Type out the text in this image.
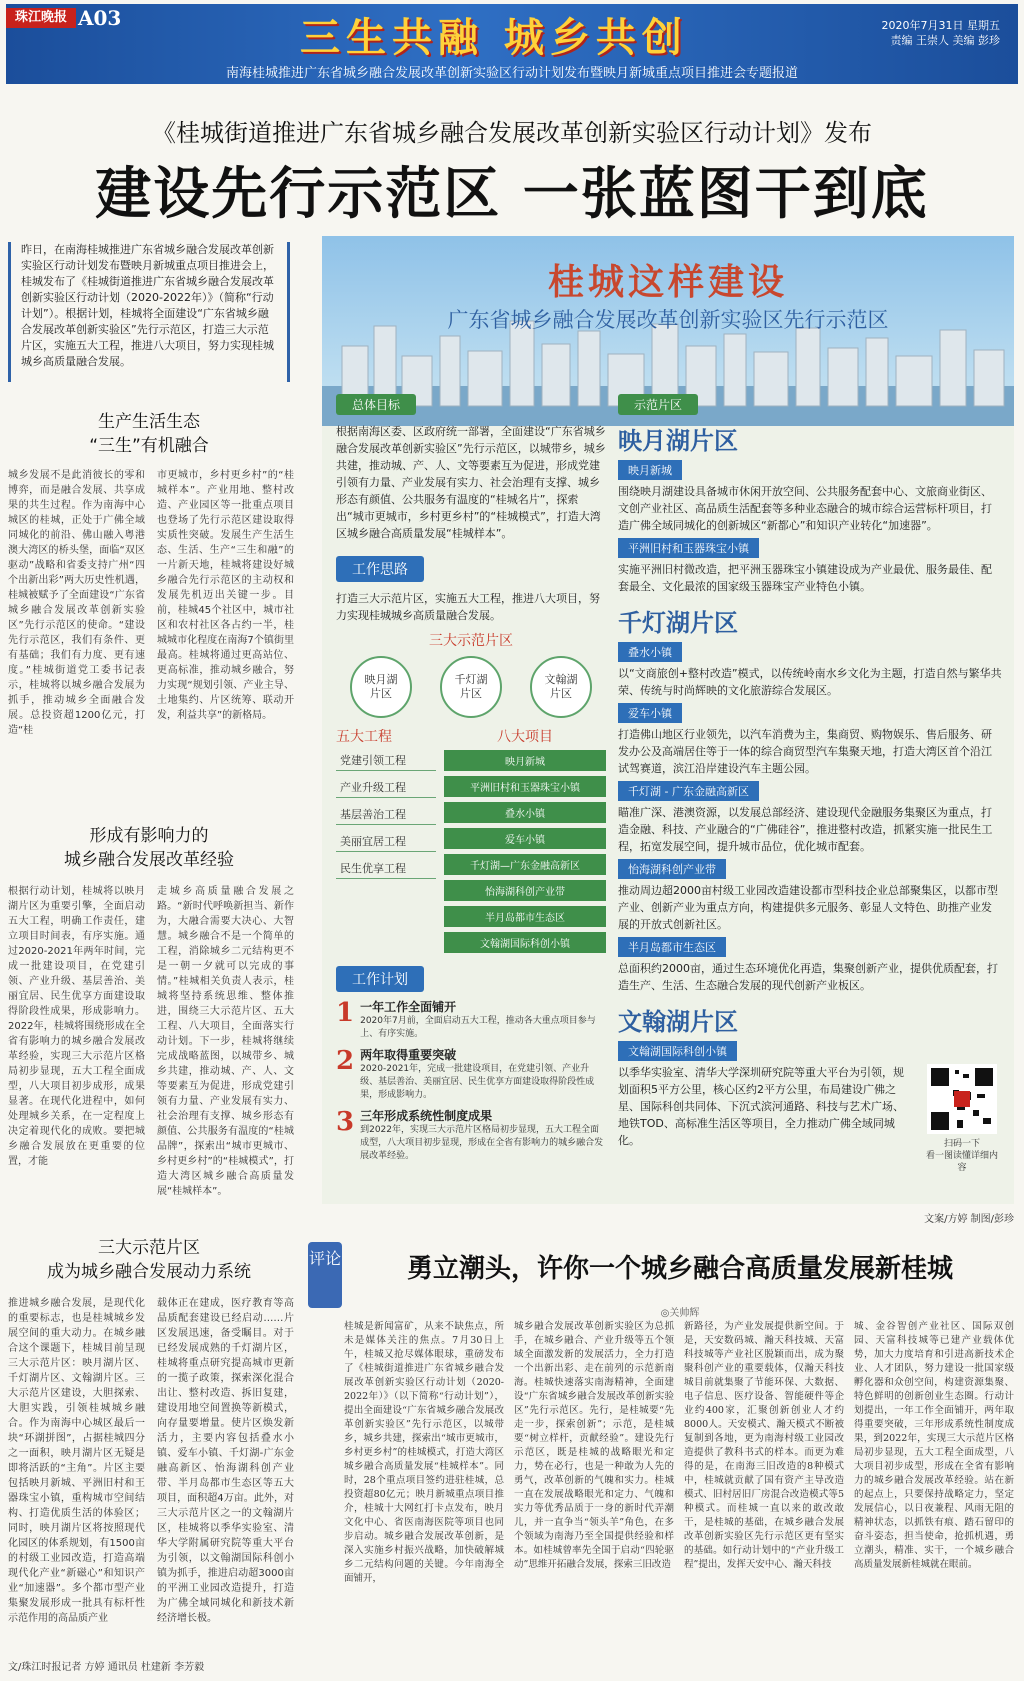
珠江晚报 A03	三生共融 城乡共创	2020年7月31日 星期五
责编 王崇人 美编 彭珍
南海桂城推进广东省城乡融合发展改革创新实验区行动计划发布暨映月新城重点项目推进会专题报道
《桂城街道推进广东省城乡融合发展改革创新实验区行动计划》发布
建设先行示范区 一张蓝图干到底
昨日，在南海桂城推进广东省城乡融合发展改革创新实验区行动计划发布暨映月新城重点项目推进会上，桂城发布了《桂城街道推进广东省城乡融合发展改革创新实验区行动计划（2020-2022年）》（简称“行动计划”）。根据计划，桂城将全面建设“广东省城乡融合发展改革创新实验区”先行示范区，打造三大示范片区，实施五大工程，推进八大项目，努力实现桂城城乡高质量融合发展。
生产生活生态
“三生”有机融合
城乡发展不是此消彼长的零和博弈，而是融合发展、共享成果的共生过程。作为南海中心城区的桂城，正处于广佛全域同城化的前沿、佛山融入粤港澳大湾区的桥头堡，面临“双区驱动”战略和省委支持广州“四个出新出彩”两大历史性机遇，桂城被赋予了全面建设“广东省城乡融合发展改革创新实验区”先行示范区的使命。“建设先行示范区，我们有条件、更有基础；我们有力度、更有速度。”桂城街道党工委书记表示，桂城将以城乡融合发展为抓手，推动城乡全面融合发展。总投资超1200亿元，打造“桂
市更城市，乡村更乡村”的“桂城样本”。产业用地、整村改造、产业园区等一批重点项目也登场了先行示范区建设取得实质性突破。发展生产生活生态、生活、生产“三生和融”的一片新天地，桂城将建设好城乡融合先行示范区的主动权和发展先机迈出关键一步。目前，桂城45个社区中，城市社区和农村社区各占约一半，桂城城市化程度在南海7个镇街里最高。桂城将通过更高站位、更高标准，推动城乡融合，努力实现“规划引领、产业主导、土地集约、片区统筹、联动开发，利益共享”的新格局。
形成有影响力的
城乡融合发展改革经验
根据行动计划，桂城将以映月湖片区为重要引擎，全面启动五大工程，明确工作责任，建立项目时间表，有序实施。通过2020-2021年两年时间，完成一批建设项目，在党建引领、产业升级、基层善治、美丽宜居、民生优享方面建设取得阶段性成果，形成影响力。2022年，桂城将围绕形成在全省有影响力的城乡融合发展改革经验，实现三大示范片区格局初步显现，五大工程全面成型，八大项目初步成形，成果显著。在现代化进程中，如何处理城乡关系，在一定程度上决定着现代化的成败。要把城乡融合发展放在更重要的位置，才能
走城乡高质量融合发展之路。“新时代呼唤新担当、新作为，大融合需要大决心、大智慧。城乡融合不是一个简单的工程，消除城乡二元结构更不是一朝一夕就可以完成的事情。”桂城相关负责人表示，桂城将坚持系统思维、整体推进，围绕三大示范片区、五大工程、八大项目，全面落实行动计划。下一步，桂城将继续完成战略蓝图，以城带乡、城乡共建，推动城、产、人、文等要素互为促进，形成党建引领有力量、产业发展有实力、社会治理有支撑、城乡形态有颜值、公共服务有温度的“桂城品牌”，探索出“城市更城市、乡村更乡村”的“桂城模式”，打造大湾区城乡融合高质量发展“桂城样本”。
三大示范片区
成为城乡融合发展动力系统
推进城乡融合发展，是现代化的重要标志，也是桂城城乡发展空间的重大动力。在城乡融合这个课题下，桂城目前呈现三大示范片区：映月湖片区、千灯湖片区、文翰湖片区。三大示范片区建设，大胆探索、大胆实践，引领桂城城乡融合。作为南海中心城区最后一块“环湖拼图”，占据桂城四分之一面积，映月湖片区无疑是即将活跃的“主角”。片区主要包括映月新城、平洲旧村和王器珠宝小镇，重构城市空间结构、打造优质生活的体验区；同时，映月湖片区将按照现代化园区的体系规划，有1500亩的村级工业园改造，打造高端现代化产业“新磁心”和知识产业“加速器”。多个都市型产业集聚发展形成一批具有标杆性示范作用的高品质产业
载体正在建成，医疗教育等高品质配套建设已经启动……片区发展迅速，备受瞩目。对于已经发展成熟的千灯湖片区，桂城将重点研究提高城市更新的一揽子政策，探索深化混合出让、整村改造、拆旧复建，建设用地空间置换等新模式，向存量要增量。使片区焕发新活力，主要内容包括叠水小镇、爱车小镇、千灯湖-广东金融高新区、怡海湖科创产业带、半月岛都市生态区等五大项目，面积超4万亩。此外，对三大示范片区之一的文翰湖片区，桂城将以季华实验室、清华大学附属研究院等重大平台为引领，以文翰湖国际科创小镇为抓手，推进启动超3000亩的平洲工业园改造提升，打造为广佛全域同城化和新技术新经济增长极。
文/珠江时报记者 方婷 通讯员 杜建新 李芳毅
桂城这样建设
广东省城乡融合发展改革创新实验区先行示范区
总体目标
根据南海区委、区政府统一部署，全面建设“广东省城乡融合发展改革创新实验区”先行示范区，以城带乡，城乡共建，推动城、产、人、文等要素互为促进，形成党建引领有力量、产业发展有实力、社会治理有支撑、城乡形态有颜值、公共服务有温度的“桂城名片”，探索出“城市更城市，乡村更乡村”的“桂城模式”，打造大湾区城乡融合高质量发展“桂城样本”。
工作思路
打造三大示范片区，实施五大工程，推进八大项目，努力实现桂城城乡高质量融合发展。
三大示范片区
映月湖
片区
千灯湖
片区
文翰湖
片区
五大工程
党建引领工程
产业升级工程
基层善治工程
美丽宜居工程
民生优享工程
八大项目
映月新城
平洲旧村和玉器珠宝小镇
叠水小镇
爱车小镇
千灯湖—广东金融高新区
怡海湖科创产业带
半月岛都市生态区
文翰湖国际科创小镇
工作计划
1 一年工作全面铺开
2020年7月前，全面启动五大工程，推动各大重点项目参与上、有序实施。
2 两年取得重要突破
2020-2021年，完成一批建设项目，在党建引领、产业升级、基层善治、美丽宜居、民生优享方面建设取得阶段性成果，形成影响力。
3 三年形成系统性制度成果
到2022年，实现三大示范片区格局初步显现，五大工程全面成型，八大项目初步显现，形成在全省有影响力的城乡融合发展改革经验。
示范片区
映月湖片区
映月新城
围绕映月湖建设具备城市休闲开放空间、公共服务配套中心、文旅商业街区、文创产业社区、高品质生活配套等多种业态融合的城市综合运营标杆项目，打造广佛全域同城化的创新城区“新都心”和知识产业转化“加速器”。
平洲旧村和玉器珠宝小镇
实施平洲旧村微改造，把平洲玉器珠宝小镇建设成为产业最优、服务最佳、配套最全、文化最浓的国家级玉器珠宝产业特色小镇。
千灯湖片区
叠水小镇
以“文商旅创+整村改造”模式，以传统岭南水乡文化为主题，打造自然与繁华共荣、传统与时尚辉映的文化旅游综合发展区。
爱车小镇
打造佛山地区行业领先，以汽车消费为主，集商贸、购物娱乐、售后服务、研发办公及高端居住等于一体的综合商贸型汽车集聚天地，打造大湾区首个沿江试驾赛道，滨江沿岸建设汽车主题公园。
千灯湖 - 广东金融高新区
瞄准广深、港澳资源，以发展总部经济、建设现代金融服务集聚区为重点，打造金融、科技、产业融合的“广佛硅谷”，推进整村改造，抓紧实施一批民生工程，拓宽发展空间，提升城市品位，优化城市配套。
怡海湖科创产业带
推动周边超2000亩村级工业园改造建设都市型科技企业总部聚集区，以都市型产业、创新产业为重点方向，构建提供多元服务、彰显人文特色、助推产业发展的开放式创新社区。
半月岛都市生态区
总面积约2000亩，通过生态环境优化再造，集聚创新产业，提供优质配套，打造生产、生活、生态融合发展的现代创新产业板区。
文翰湖片区
文翰湖国际科创小镇
以季华实验室、清华大学深圳研究院等重大平台为引领，规划面积5平方公里，核心区约2平方公里，布局建设广佛之星、国际科创共同体、下沉式滨河通路、科技与艺术广场、地铁TOD、高标准生活区等项目，全力推动广佛全域同城化。	扫码一下
看一图读懂详细内容
文案/方婷 制图/彭珍
评论	勇立潮头，许你一个城乡融合高质量发展新桂城
◎关帅辉
桂城是新闻富矿，从来不缺焦点，所未是媒体关注的焦点。7月30日上午，桂城又抢尽媒体眼球，重磅发布了《桂城街道推进广东省城乡融合发展改革创新实验区行动计划（2020-2022年）》（以下简称“行动计划”），提出全面建设“广东省城乡融合发展改革创新实验区”先行示范区，以城带乡，城乡共建，探索出“城市更城市，乡村更乡村”的桂城模式，打造大湾区城乡融合高质量发展“桂城样本”。同时，28个重点项目签约进驻桂城，总投资超80亿元；映月新城重点项目推介，桂城十大网红打卡点发布，映月文化中心、省医南海医院等项目也同步启动。城乡融合发展改革创新，是深入实施乡村振兴战略，加快破解城乡二元结构问题的关键。今年南海全面铺开，
城乡融合发展改革创新实验区为总抓手，在城乡融合、产业升级等五个领域全面激发新的发展活力，全力打造一个出新出彩、走在前列的示范新南海。桂城快速落实南海精神，全面建设“广东省城乡融合发展改革创新实验区”先行示范区。先行，是桂城要“先走一步，探索创新”；示范，是桂城要“树立样杆，贡献经验”。建设先行示范区，既是桂城的战略眼光和定力，势在必行，也是一种敢为人先的勇气，改革创新的气魄和实力。桂城一直在发展战略眼光和定力、气魄和实力等优秀品质于一身的新时代弄潮儿，并一直争当“领头羊”角色，在多个领域为南海乃至全国提供经验和样本。如桂城曾率先全国于启动“四轮驱动”思维开拓融合发展，探索三旧改造
新路径，为产业发展提供新空间。于是，天安数码城、瀚天科技城、天富科技城等产业社区脱颖而出，成为聚聚科创产业的重要载体，仅瀚天科技城目前就集聚了节能环保、大数据、电子信息、医疗设备、智能硬件等企业约400家，汇聚创新创业人才约8000人。天安模式、瀚天模式不断被复制到各地，更为南海村级工业园改造提供了教科书式的样本。而更为难得的是，在南海三旧改造的8种模式中，桂城就贡献了国有资产主导改造模式、旧村居旧厂房混合改造模式等5种模式。而桂城一直以来的敢改敢干，是桂城的基础，在城乡融合发展改革创新实验区先行示范区更有坚实的基础。如行动计划中的“产业升级工程”提出，发挥天安中心、瀚天科技
城、金谷智创产业社区、国际双创园、天富科技城等已建产业载体优势，加大力度培育和引进高新技术企业、人才团队，努力建设一批国家级孵化器和众创空间，构建资源集聚、特色鲜明的创新创业生态圈。行动计划提出，一年工作全面铺开，两年取得重要突破，三年形成系统性制度成果，到2022年，实现三大示范片区格局初步显现，五大工程全面成型，八大项目初步成型，形成在全省有影响力的城乡融合发展改革经验。站在新的起点上，只要保持战略定力，坚定发展信心，以日夜兼程、风雨无阻的精神状态，以抓铁有痕、踏石留印的奋斗姿态，担当使命，抢抓机遇，勇立潮头，精准、实干，一个城乡融合高质量发展新桂城就在眼前。
